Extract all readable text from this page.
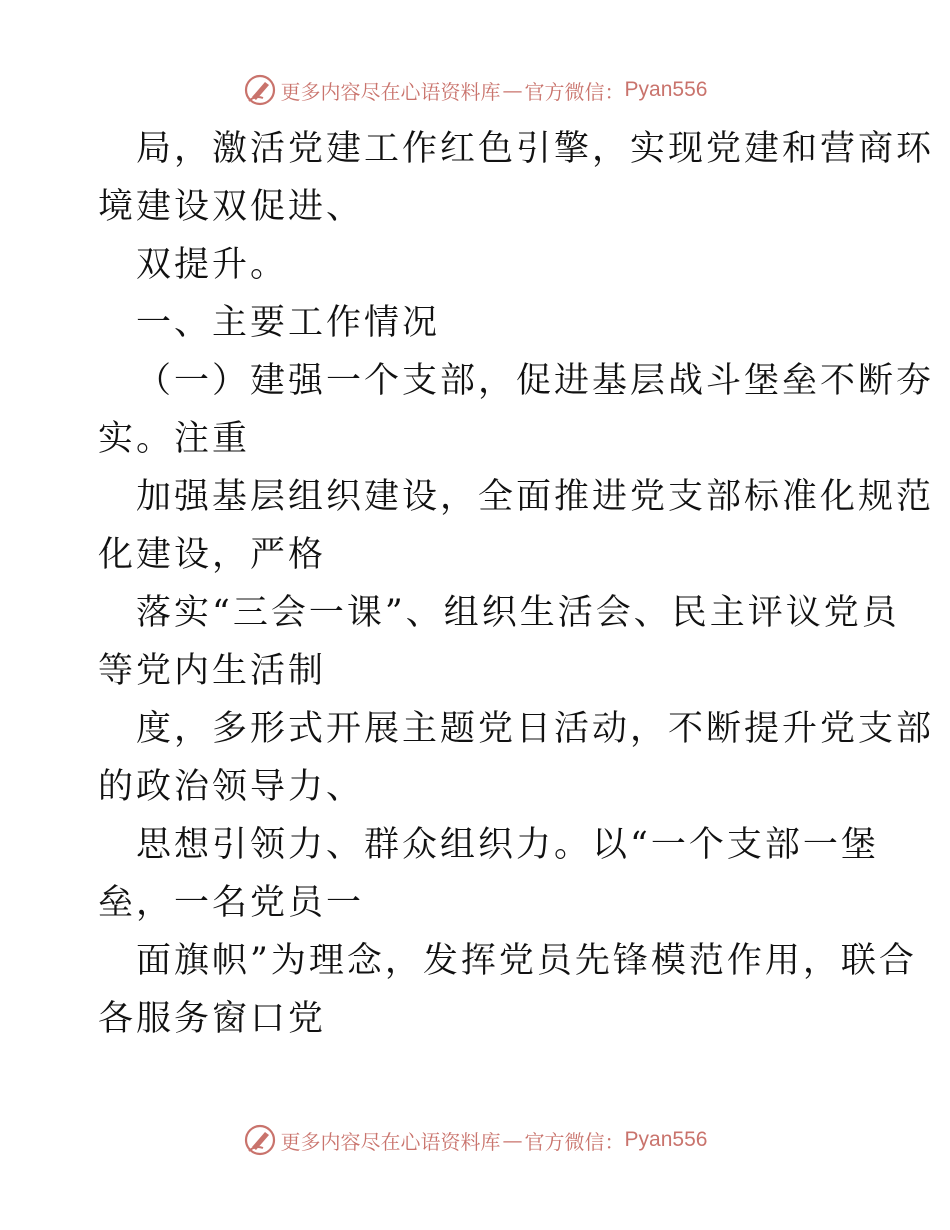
更多内容尽在心语资料库 — 官方微信： Pyan556
局，激活党建工作红色引擎，实现党建和营商环
境建设双促进、
双提升。
一、主要工作情况
（一）建强一个支部，促进基层战斗堡垒不断夯
实。注重
加强基层组织建设，全面推进党支部标准化规范
化建设，严格
落实“三会一课”、组织生活会、民主评议党员
等党内生活制
度，多形式开展主题党日活动，不断提升党支部
的政治领导力、
思想引领力、群众组织力。以“一个支部一堡
垒，一名党员一
面旗帜”为理念，发挥党员先锋模范作用，联合
各服务窗口党
更多内容尽在心语资料库 — 官方微信： Pyan556
